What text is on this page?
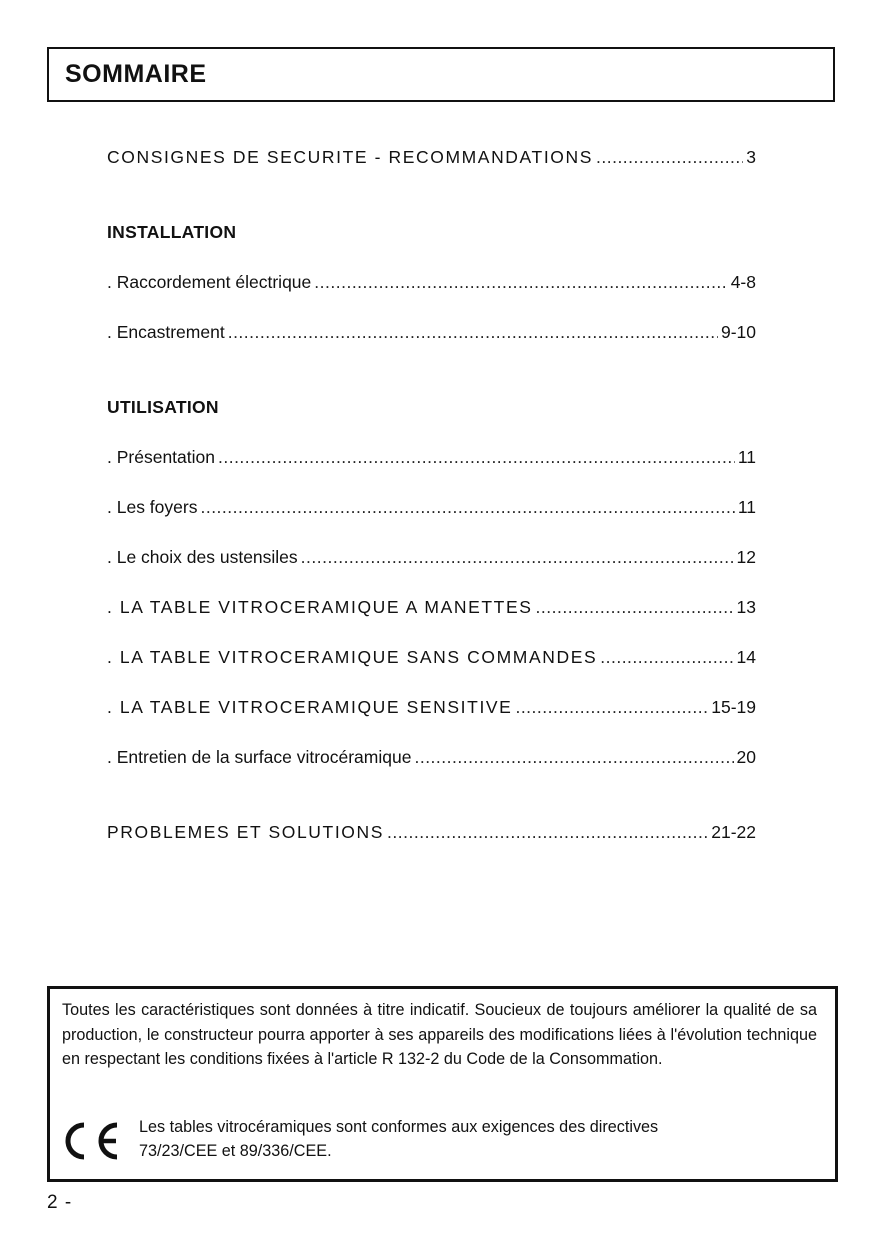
SOMMAIRE
CONSIGNES DE SECURITE - RECOMMANDATIONS .....	3
INSTALLATION
. Raccordement électrique .....	4-8
. Encastrement .....	9-10
UTILISATION
. Présentation .....	11
. Les foyers .....	11
. Le choix des ustensiles .....	12
. LA TABLE VITROCERAMIQUE A MANETTES .....	13
. LA TABLE VITROCERAMIQUE SANS COMMANDES .....	14
. LA TABLE VITROCERAMIQUE SENSITIVE .....	15-19
. Entretien de la surface vitrocéramique .....	20
PROBLEMES ET SOLUTIONS .....	21-22

Toutes les caractéristiques sont données à titre indicatif. Soucieux de toujours améliorer la qualité de sa production, le constructeur pourra apporter à ses appareils des modifications liées à l'évolution technique en respectant les conditions fixées à l'article R 132-2 du Code de la Consommation.

Les tables vitrocéramiques sont conformes aux exigences des directives
73/23/CEE et 89/336/CEE.
2 -
